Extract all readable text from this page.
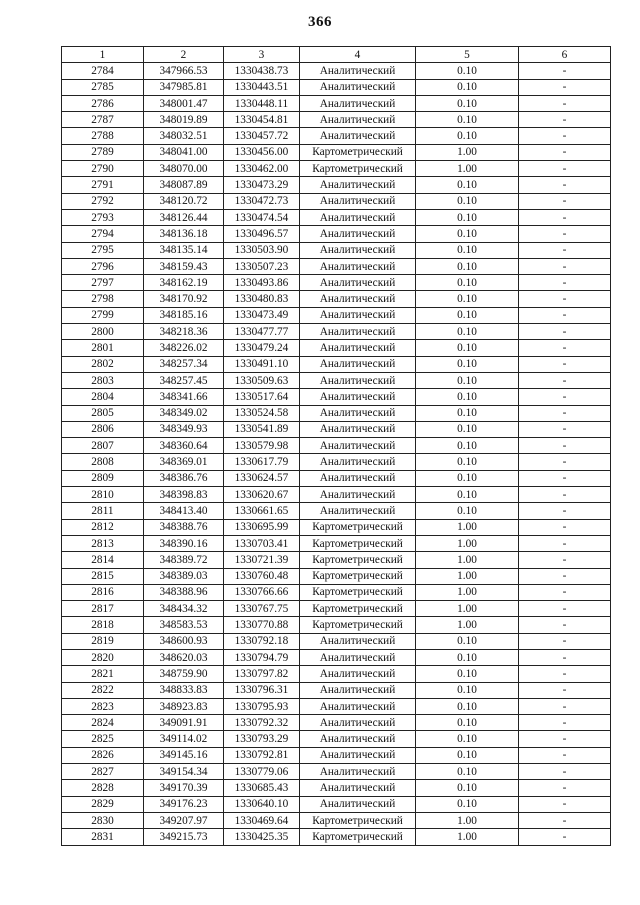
366
1	2	3	4	5	6
2784	347966.53	1330438.73	Аналитический	0.10	-
2785	347985.81	1330443.51	Аналитический	0.10	-
2786	348001.47	1330448.11	Аналитический	0.10	-
2787	348019.89	1330454.81	Аналитический	0.10	-
2788	348032.51	1330457.72	Аналитический	0.10	-
2789	348041.00	1330456.00	Картометрический	1.00	-
2790	348070.00	1330462.00	Картометрический	1.00	-
2791	348087.89	1330473.29	Аналитический	0.10	-
2792	348120.72	1330472.73	Аналитический	0.10	-
2793	348126.44	1330474.54	Аналитический	0.10	-
2794	348136.18	1330496.57	Аналитический	0.10	-
2795	348135.14	1330503.90	Аналитический	0.10	-
2796	348159.43	1330507.23	Аналитический	0.10	-
2797	348162.19	1330493.86	Аналитический	0.10	-
2798	348170.92	1330480.83	Аналитический	0.10	-
2799	348185.16	1330473.49	Аналитический	0.10	-
2800	348218.36	1330477.77	Аналитический	0.10	-
2801	348226.02	1330479.24	Аналитический	0.10	-
2802	348257.34	1330491.10	Аналитический	0.10	-
2803	348257.45	1330509.63	Аналитический	0.10	-
2804	348341.66	1330517.64	Аналитический	0.10	-
2805	348349.02	1330524.58	Аналитический	0.10	-
2806	348349.93	1330541.89	Аналитический	0.10	-
2807	348360.64	1330579.98	Аналитический	0.10	-
2808	348369.01	1330617.79	Аналитический	0.10	-
2809	348386.76	1330624.57	Аналитический	0.10	-
2810	348398.83	1330620.67	Аналитический	0.10	-
2811	348413.40	1330661.65	Аналитический	0.10	-
2812	348388.76	1330695.99	Картометрический	1.00	-
2813	348390.16	1330703.41	Картометрический	1.00	-
2814	348389.72	1330721.39	Картометрический	1.00	-
2815	348389.03	1330760.48	Картометрический	1.00	-
2816	348388.96	1330766.66	Картометрический	1.00	-
2817	348434.32	1330767.75	Картометрический	1.00	-
2818	348583.53	1330770.88	Картометрический	1.00	-
2819	348600.93	1330792.18	Аналитический	0.10	-
2820	348620.03	1330794.79	Аналитический	0.10	-
2821	348759.90	1330797.82	Аналитический	0.10	-
2822	348833.83	1330796.31	Аналитический	0.10	-
2823	348923.83	1330795.93	Аналитический	0.10	-
2824	349091.91	1330792.32	Аналитический	0.10	-
2825	349114.02	1330793.29	Аналитический	0.10	-
2826	349145.16	1330792.81	Аналитический	0.10	-
2827	349154.34	1330779.06	Аналитический	0.10	-
2828	349170.39	1330685.43	Аналитический	0.10	-
2829	349176.23	1330640.10	Аналитический	0.10	-
2830	349207.97	1330469.64	Картометрический	1.00	-
2831	349215.73	1330425.35	Картометрический	1.00	-
